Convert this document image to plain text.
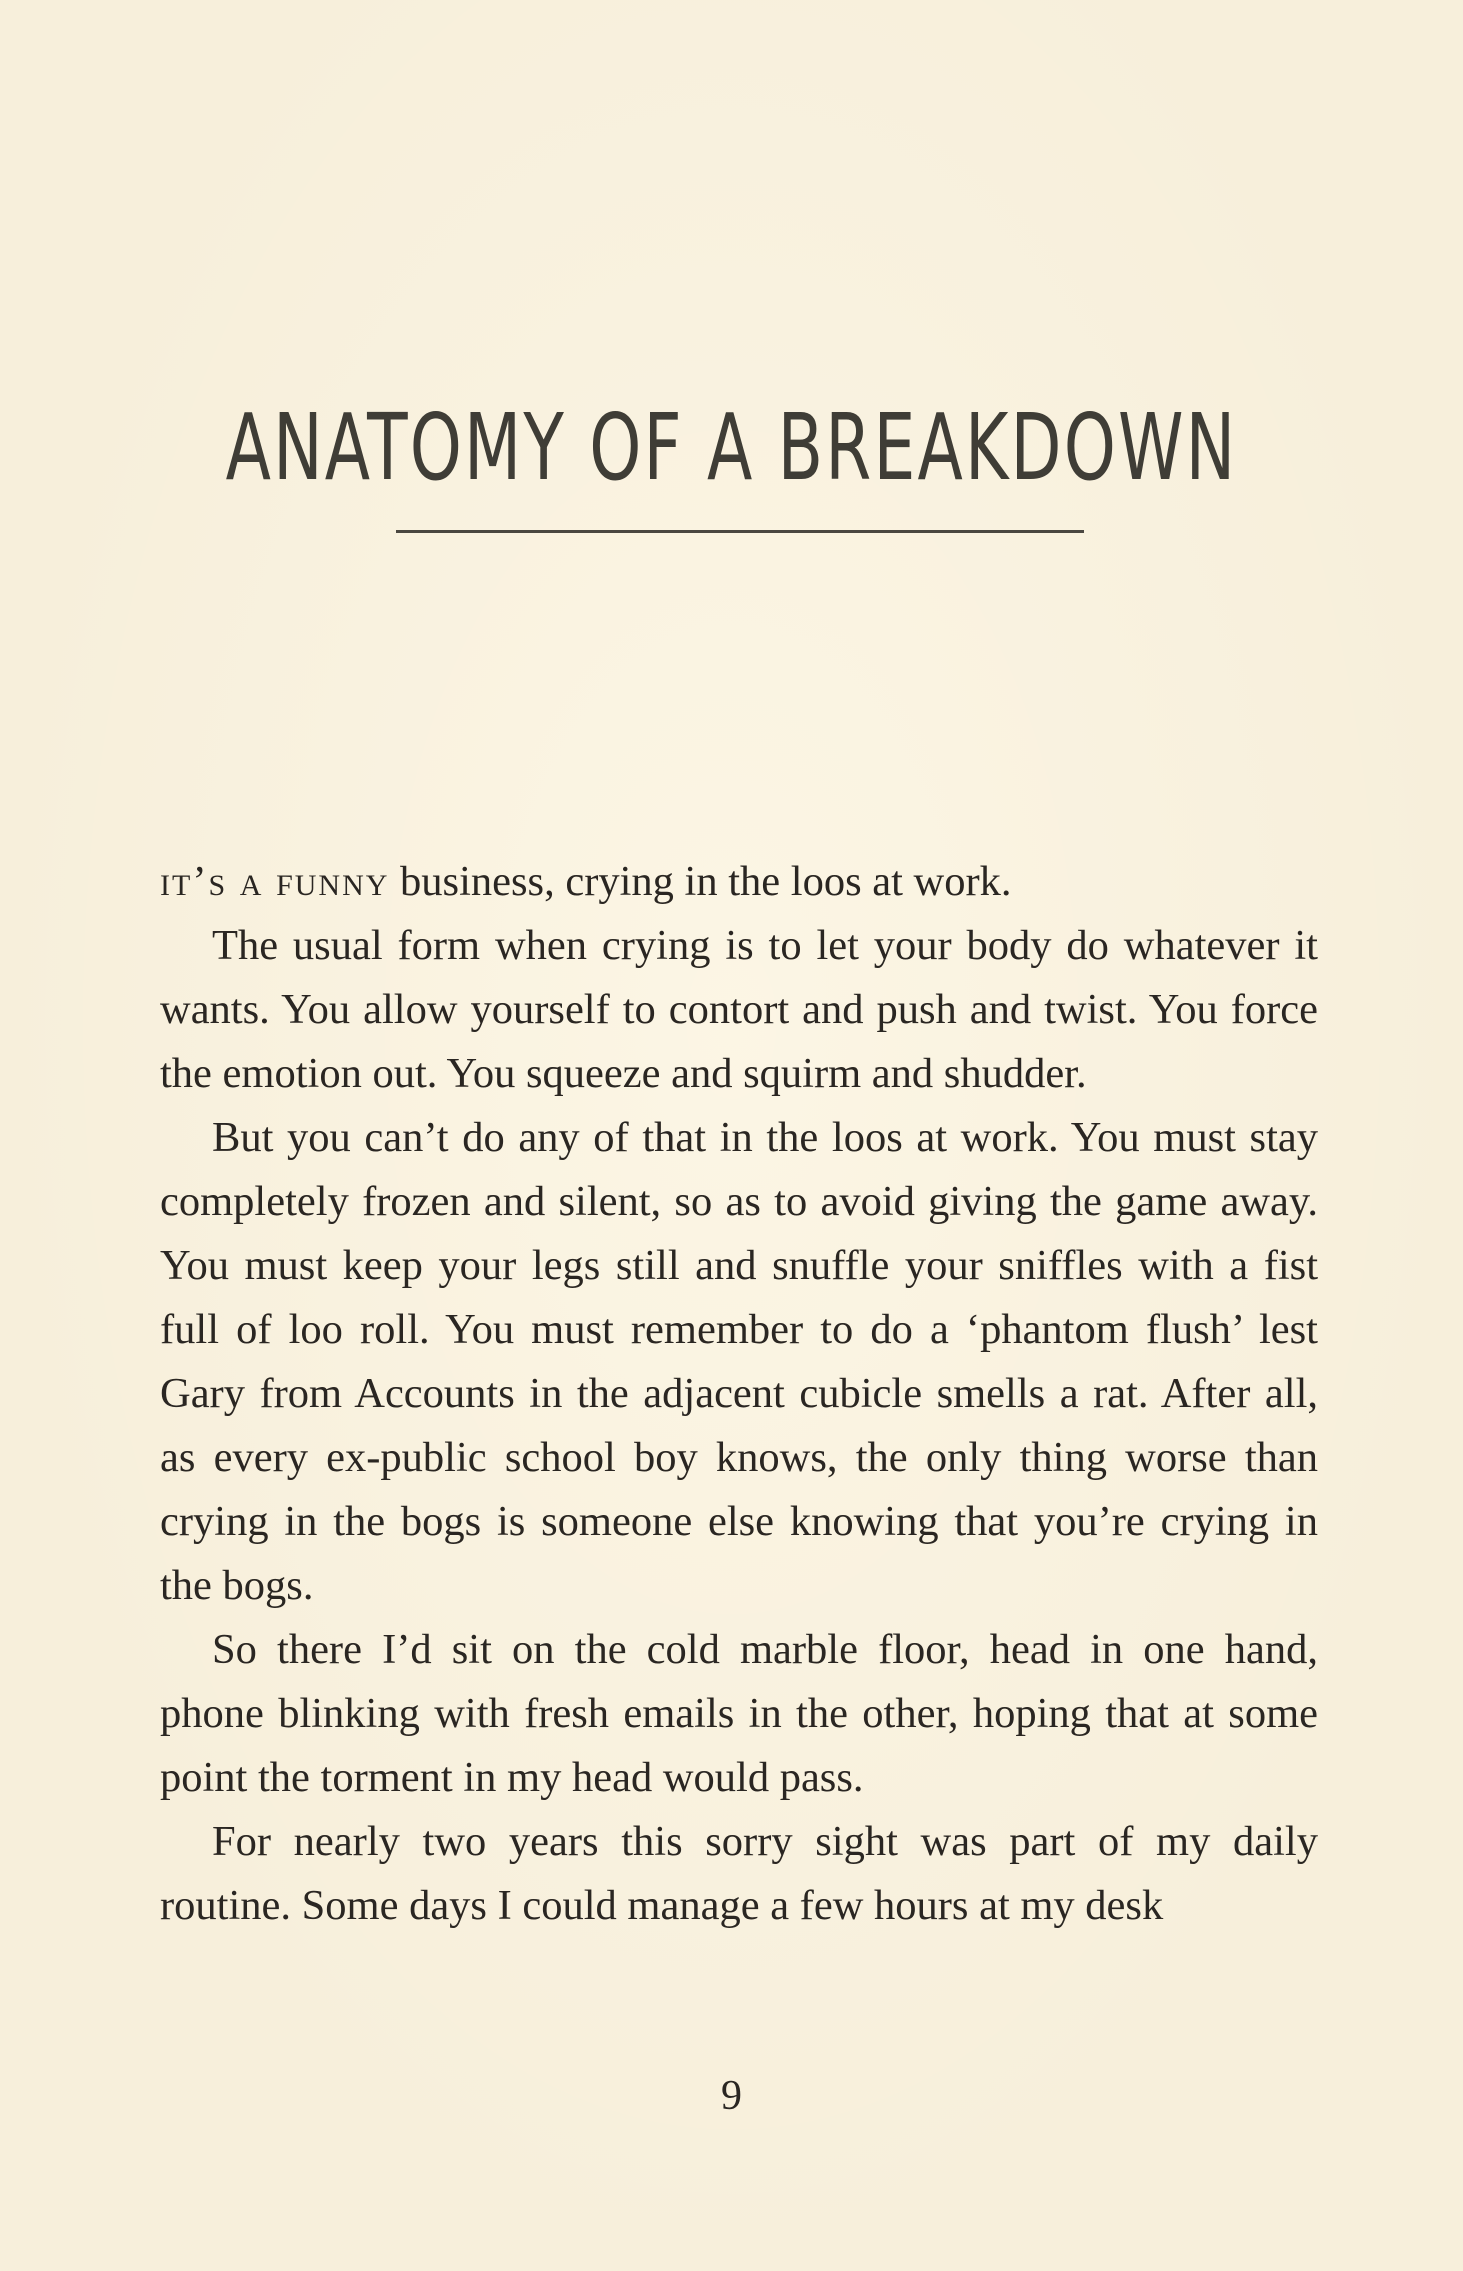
ANATOMY OF A BREAKDOWN

it’s a funny business, crying in the loos at work.

The usual form when crying is to let your body do whatever it wants. You allow yourself to contort and push and twist. You force the emotion out. You squeeze and squirm and shudder.

But you can’t do any of that in the loos at work. You must stay completely frozen and silent, so as to avoid giving the game away. You must keep your legs still and snuffle your sniffles with a fist full of loo roll. You must remember to do a ‘phantom flush’ lest Gary from Accounts in the adjacent cubicle smells a rat. After all, as every ex-public school boy knows, the only thing worse than crying in the bogs is someone else knowing that you’re crying in the bogs.

So there I’d sit on the cold marble floor, head in one hand, phone blinking with fresh emails in the other, hoping that at some point the torment in my head would pass.

For nearly two years this sorry sight was part of my daily routine. Some days I could manage a few hours at my desk

9
